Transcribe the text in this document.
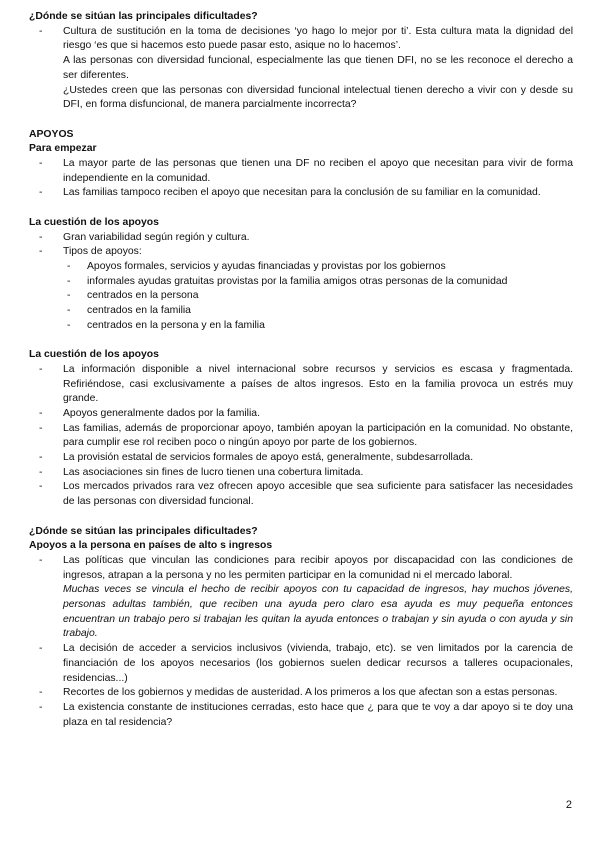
¿Dónde se sitúan las principales dificultades?

- Cultura de sustitución en la toma de decisiones ‘yo hago lo mejor por ti’. Esta cultura mata la dignidad del riesgo ‘es que si hacemos esto puede pasar esto, asique no lo hacemos’.
A las personas con diversidad funcional, especialmente las que tienen DFI, no se les reconoce el derecho a ser diferentes.
¿Ustedes creen que las personas con diversidad funcional intelectual tienen derecho a vivir con y desde su DFI, en forma disfuncional, de manera parcialmente incorrecta?

APOYOS

Para empezar

- La mayor parte de las personas que tienen una DF no reciben el apoyo que necesitan para vivir de forma independiente en la comunidad.
- Las familias tampoco reciben el apoyo que necesitan para la conclusión de su familiar en la comunidad.

La cuestión de los apoyos

- Gran variabilidad según región y cultura.
- Tipos de apoyos:
- Apoyos formales, servicios y ayudas financiadas y provistas por los gobiernos
- informales ayudas gratuitas provistas por la familia amigos otras personas de la comunidad
- centrados en la persona
- centrados en la familia
- centrados en la persona y en la familia

La cuestión de los apoyos

- La información disponible a nivel internacional sobre recursos y servicios es escasa y fragmentada. Refiriéndose, casi exclusivamente a países de altos ingresos. Esto en la familia provoca un estrés muy grande.
- Apoyos generalmente dados por la familia.
- Las familias, además de proporcionar apoyo, también apoyan la participación en la comunidad. No obstante, para cumplir ese rol reciben poco o ningún apoyo por parte de los gobiernos.
- La provisión estatal de servicios formales de apoyo está, generalmente, subdesarrollada.
- Las asociaciones sin fines de lucro tienen una cobertura limitada.
- Los mercados privados rara vez ofrecen apoyo accesible que sea suficiente para satisfacer las necesidades de las personas con diversidad funcional.

¿Dónde se sitúan las principales dificultades?

Apoyos a la persona en países de alto s ingresos

- Las políticas que vinculan las condiciones para recibir apoyos por discapacidad con las condiciones de ingresos, atrapan a la persona y no les permiten participar en la comunidad ni el mercado laboral.
Muchas veces se vincula el hecho de recibir apoyos con tu capacidad de ingresos, hay muchos jóvenes, personas adultas también, que reciben una ayuda pero claro esa ayuda es muy pequeña entonces encuentran un trabajo pero si trabajan les quitan la ayuda entonces o trabajan y sin ayuda o con ayuda y sin trabajo.
- La decisión de acceder a servicios inclusivos (vivienda, trabajo, etc). se ven limitados por la carencia de financiación de los apoyos necesarios (los gobiernos suelen dedicar recursos a talleres ocupacionales, residencias...)
- Recortes de los gobiernos y medidas de austeridad. A los primeros a los que afectan son a estas personas.
- La existencia constante de instituciones cerradas, esto hace que ¿ para que te voy a dar apoyo si te doy una plaza en tal residencia?
2
